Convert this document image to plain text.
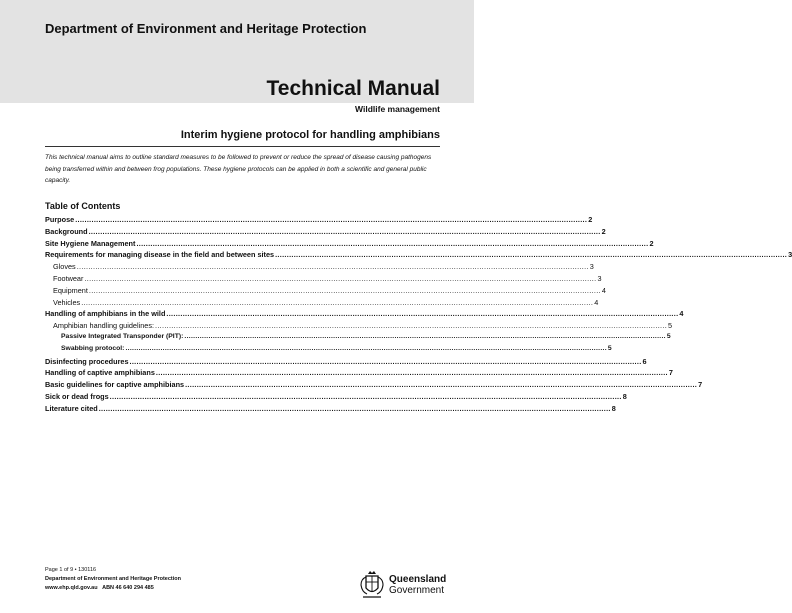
Department of Environment and Heritage Protection
Technical Manual
Wildlife management
Interim hygiene protocol for handling amphibians
This technical manual aims to outline standard measures to be followed to prevent or reduce the spread of disease causing pathogens being transferred within and between frog populations. These hygiene protocols can be applied in both a scientific and general public capacity.
Table of Contents
Purpose ............................................................................................................................................................................................................................ 2
Background ............................................................................................................................................................................................................................ 2
Site Hygiene Management ............................................................................................................................................................................................................................ 2
Requirements for managing disease in the field and between sites ............................................................................................................................................................................................................................ 3
Gloves ............................................................................................................................................................................................................................ 3
Footwear ............................................................................................................................................................................................................................ 3
Equipment ............................................................................................................................................................................................................................ 4
Vehicles ............................................................................................................................................................................................................................ 4
Handling of amphibians in the wild ............................................................................................................................................................................................................................ 4
Amphibian handling guidelines: ............................................................................................................................................................................................................................ 5
Passive Integrated Transponder (PIT): ............................................................................................................................................................................................................................ 5
Swabbing protocol: ............................................................................................................................................................................................................................ 5
Disinfecting procedures ............................................................................................................................................................................................................................ 6
Handling of captive amphibians ............................................................................................................................................................................................................................ 7
Basic guidelines for captive amphibians ............................................................................................................................................................................................................................ 7
Sick or dead frogs ............................................................................................................................................................................................................................ 8
Literature cited ............................................................................................................................................................................................................................ 8
Page 1 of 9 • 130116
Department of Environment and Heritage Protection
www.ehp.qld.gov.au ABN 46 640 294 485
Queensland
Government
